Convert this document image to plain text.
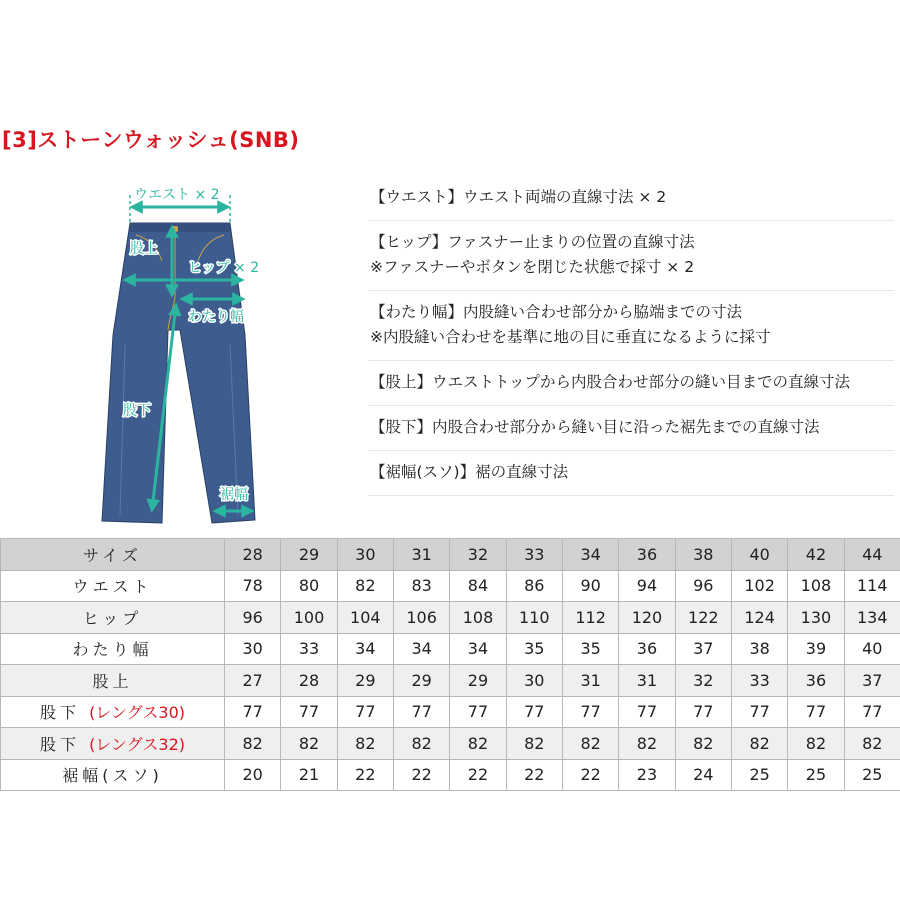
[3]ストーンウォッシュ(SNB)
ウエスト × 2
股上
ヒップ × 2
わたり幅
股下
裾幅
【ウエスト】ウエスト両端の直線寸法 × 2
【ヒップ】ファスナー止まりの位置の直線寸法
※ファスナーやボタンを閉じた状態で採寸 × 2
【わたり幅】内股縫い合わせ部分から脇端までの寸法
※内股縫い合わせを基準に地の目に垂直になるように採寸
【股上】ウエストトップから内股合わせ部分の縫い目までの直線寸法
【股下】内股合わせ部分から縫い目に沿った裾先までの直線寸法
【裾幅(スソ)】裾の直線寸法
サイズ	28	29	30	31	32	33	34	36	38	40	42	44
ウエスト	78	80	82	83	84	86	90	94	96	102	108	114
ヒップ	96	100	104	106	108	110	112	120	122	124	130	134
わたり幅	30	33	34	34	34	35	35	36	37	38	39	40
股上	27	28	29	29	29	30	31	31	32	33	36	37
股下 (レングス30)	77	77	77	77	77	77	77	77	77	77	77	77
股下 (レングス32)	82	82	82	82	82	82	82	82	82	82	82	82
裾幅(スソ)	20	21	22	22	22	22	22	23	24	25	25	25
